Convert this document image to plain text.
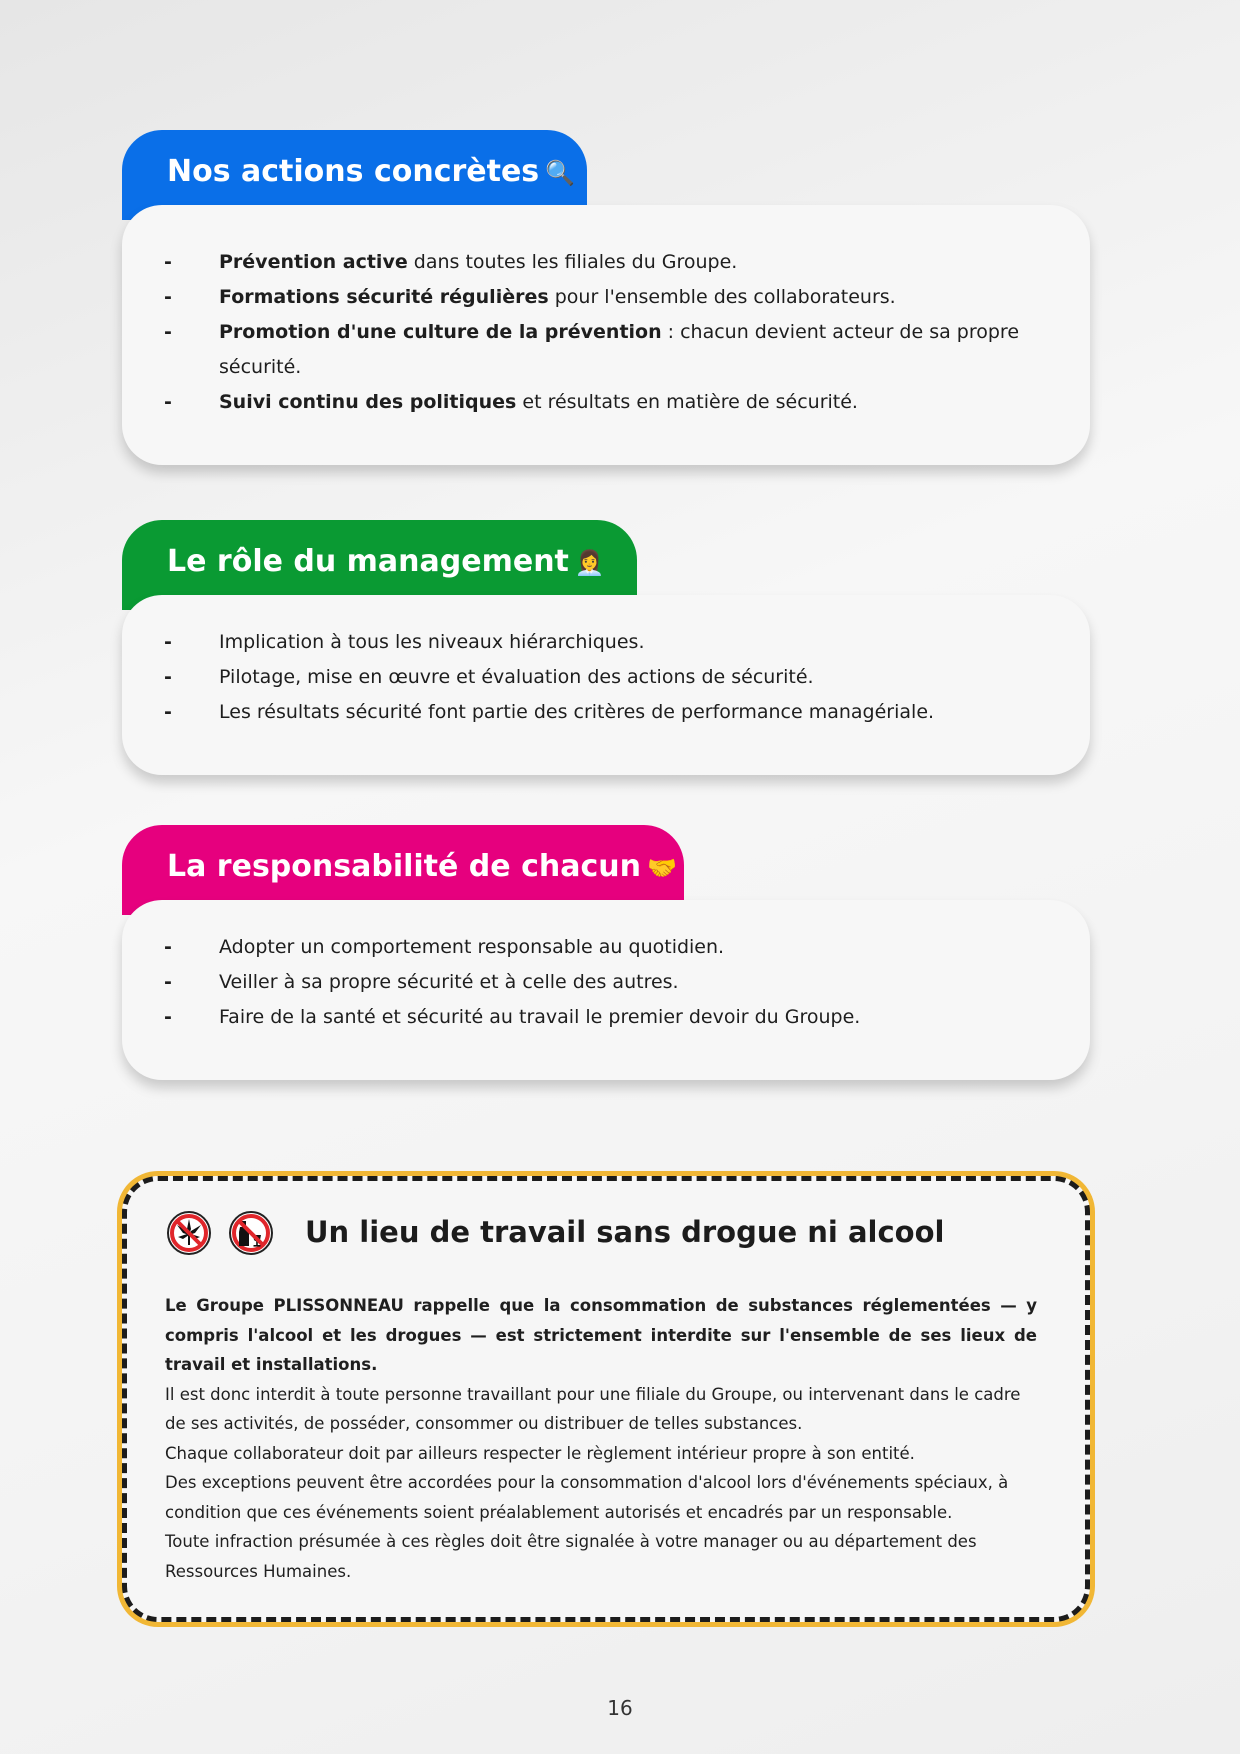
Nos actions concrètes 🔍
- Prévention active dans toutes les filiales du Groupe.
- Formations sécurité régulières pour l'ensemble des collaborateurs.
- Promotion d'une culture de la prévention : chacun devient acteur de sa propre sécurité.
- Suivi continu des politiques et résultats en matière de sécurité.
Le rôle du management 👩‍💼
- Implication à tous les niveaux hiérarchiques.
- Pilotage, mise en œuvre et évaluation des actions de sécurité.
- Les résultats sécurité font partie des critères de performance managériale.
La responsabilité de chacun 🤝
- Adopter un comportement responsable au quotidien.
- Veiller à sa propre sécurité et à celle des autres.
- Faire de la santé et sécurité au travail le premier devoir du Groupe.
Un lieu de travail sans drogue ni alcool

Le Groupe PLISSONNEAU rappelle que la consommation de substances réglementées — y compris l'alcool et les drogues — est strictement interdite sur l'ensemble de ses lieux de travail et installations.

Il est donc interdit à toute personne travaillant pour une filiale du Groupe, ou intervenant dans le cadre de ses activités, de posséder, consommer ou distribuer de telles substances.

Chaque collaborateur doit par ailleurs respecter le règlement intérieur propre à son entité.

Des exceptions peuvent être accordées pour la consommation d'alcool lors d'événements spéciaux, à condition que ces événements soient préalablement autorisés et encadrés par un responsable.

Toute infraction présumée à ces règles doit être signalée à votre manager ou au département des Ressources Humaines.

16
